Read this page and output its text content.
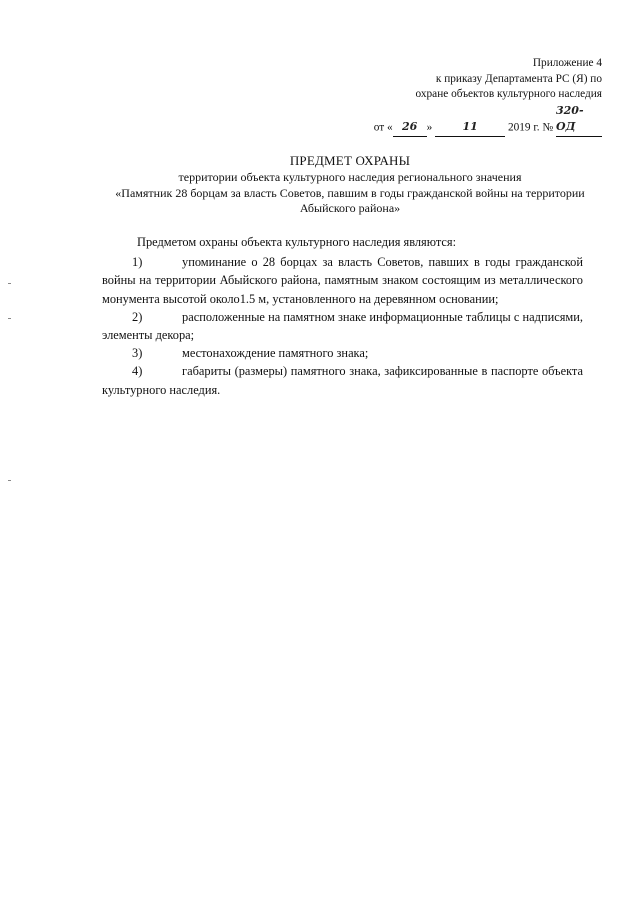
Приложение 4
к приказу Департамента РС (Я) по
охране объектов культурного наследия
от « 26 »	11	2019 г. № 320-ОД
ПРЕДМЕТ ОХРАНЫ
территории объекта культурного наследия регионального значения
«Памятник 28 борцам за власть Советов, павшим в годы гражданской войны на территории
Абыйского района»

Предметом охраны объекта культурного наследия являются:

1)	упоминание о 28 борцах за власть Советов, павших в годы гражданской войны на территории Абыйского района, памятным знаком состоящим из металлического монумента высотой около1.5 м, установленного на деревянном основании;

2)	расположенные на памятном знаке информационные таблицы с надписями, элементы декора;

3)	местонахождение памятного знака;

4)	габариты (размеры) памятного знака, зафиксированные в паспорте объекта культурного наследия.
